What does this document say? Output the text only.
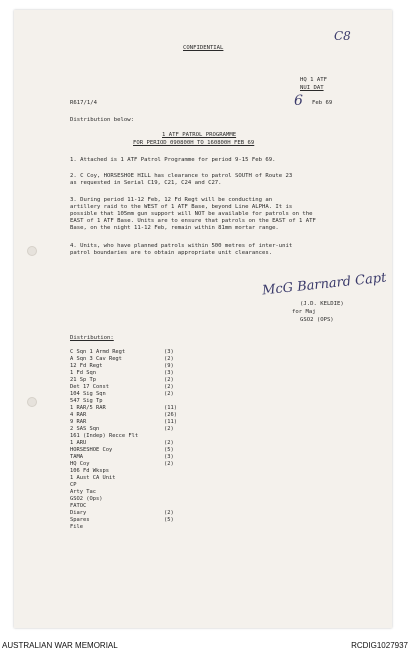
C8
CONFIDENTIAL
HQ 1 ATF
NUI DAT
6 Feb 69
R617/1/4
Distribution below:
1 ATF PATROL PROGRAMME
FOR PERIOD 090800H TO 160800H FEB 69
1. Attached is 1 ATF Patrol Programme for period 9-15 Feb 69.
2. C Coy, HORSESHOE HILL has clearance to patrol SOUTH of Route 23
as requested in Serial C19, C21, C24 and C27.
3. During period 11-12 Feb, 12 Fd Regt will be conducting an
artillery raid to the WEST of 1 ATF Base, beyond Line ALPHA. It is
possible that 105mm gun support will NOT be available for patrols on the
EAST of 1 ATF Base. Units are to ensure that patrols on the EAST of 1 ATF
Base, on the night 11-12 Feb, remain within 81mm mortar range.
4. Units, who have planned patrols within 500 metres of inter-unit
patrol boundaries are to obtain appropriate unit clearances.
McG Barnard Capt
(J.D. KELDIE)
for Maj
GSO2 (OPS)
Distribution:
C Sqn 1 Armd Regt	(3)
A Sqn 3 Cav Regt	(2)
12 Fd Regt	(9)
1 Fd Sqn	(3)
21 Sp Tp	(2)
Det 17 Const	(2)
104 Sig Sqn	(2)
547 Sig Tp
1 RAR/5 RAR	(11)
4 RAR	(26)
9 RAR	(11)
2 SAS Sqn	(2)
161 (Indep) Recce Flt
1 ARU	(2)
HORSESHOE Coy	(5)
TAMA	(3)
HQ Coy	(2)
106 Fd Wksps
1 Aust CA Unit
CP
Arty Tac
GSO2 (Ops)
FATOC
Diary	(2)
Spares	(5)
File
AUSTRALIAN WAR MEMORIAL	RCDIG1027937
